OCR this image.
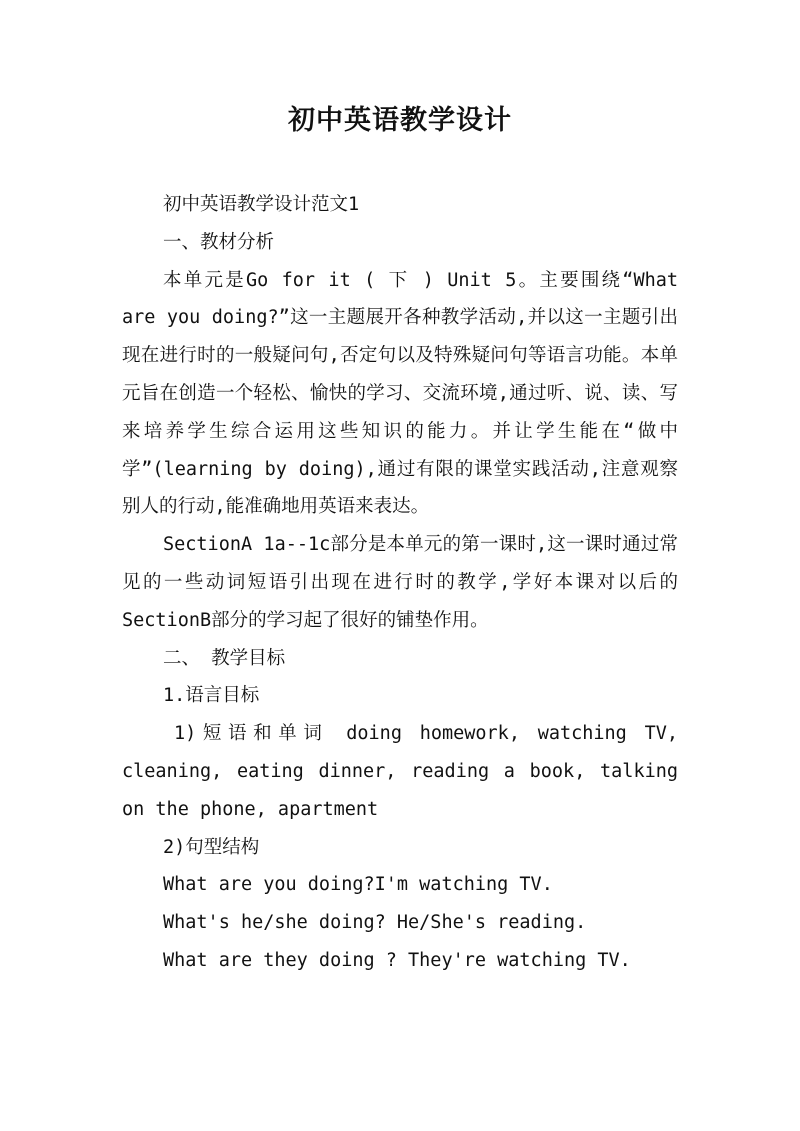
初中英语教学设计

初中英语教学设计范文1

一、教材分析

本单元是Go for it ( 下 ) Unit 5。主要围绕“What are you doing?”这一主题展开各种教学活动,并以这一主题引出现在进行时的一般疑问句,否定句以及特殊疑问句等语言功能。本单元旨在创造一个轻松、愉快的学习、交流环境,通过听、说、读、写来培养学生综合运用这些知识的能力。并让学生能在“做中学”(learning by doing),通过有限的课堂实践活动,注意观察别人的行动,能准确地用英语来表达。

SectionA 1a--1c部分是本单元的第一课时,这一课时通过常见的一些动词短语引出现在进行时的教学,学好本课对以后的SectionB部分的学习起了很好的铺垫作用。

二、 教学目标

1.语言目标

1)短语和单词 doing homework, watching TV, cleaning, eating dinner, reading a book, talking on the phone, apartment

2)句型结构

What are you doing?I'm watching TV.

What's he/she doing? He/She's reading.

What are they doing ? They're watching TV.
